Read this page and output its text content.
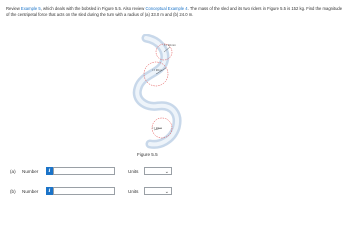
Review Example 5, which deals with the bobsled in Figure 5.5. Also review Conceptual Example 4. The mass of the sled and its two riders in Figure 5.5 is 152 kg. Find the magnitude of the centripetal force that acts on the sled during the turn with a radius of (a) 33.0 m and (b) 24.0 m.
r = 24 mm
r = 33 m
r = 24 m
Figure 5.5
(a) Number	i	Units	⌄
(b) Number	i	Units	⌄
